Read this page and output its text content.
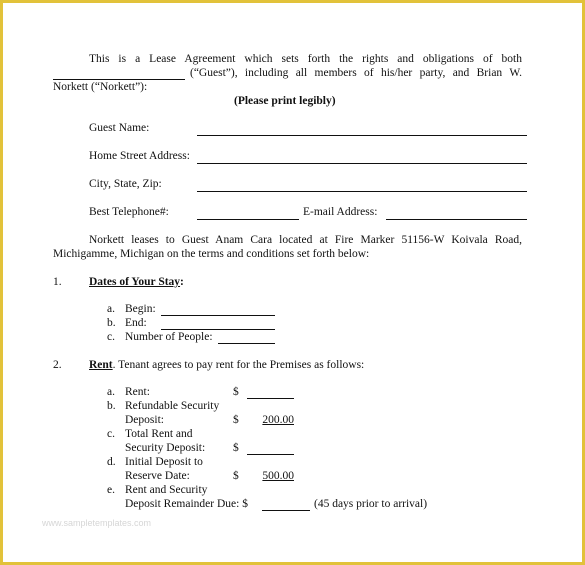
This is a Lease Agreement which sets forth the rights and obligations of both
(“Guest”), including all members of his/her party, and Brian W.
Norkett (“Norkett”):
(Please print legibly)
Guest Name:
Home Street Address:
City, State, Zip:
Best Telephone#:	E-mail Address:
Norkett leases to Guest Anam Cara located at Fire Marker 51156-W Koivala Road,
Michigamme, Michigan on the terms and conditions set forth below:
1. Dates of Your Stay:
a. Begin:
b. End:
c. Number of People:
2. Rent. Tenant agrees to pay rent for the Premises as follows:
a. Rent:	$
b. Refundable Security
Deposit:	$	200.00
c. Total Rent and
Security Deposit: $
d. Initial Deposit to
Reserve Date:	$	500.00
e. Rent and Security
Deposit Remainder Due: $	(45 days prior to arrival)
www.sampletemplates.com
